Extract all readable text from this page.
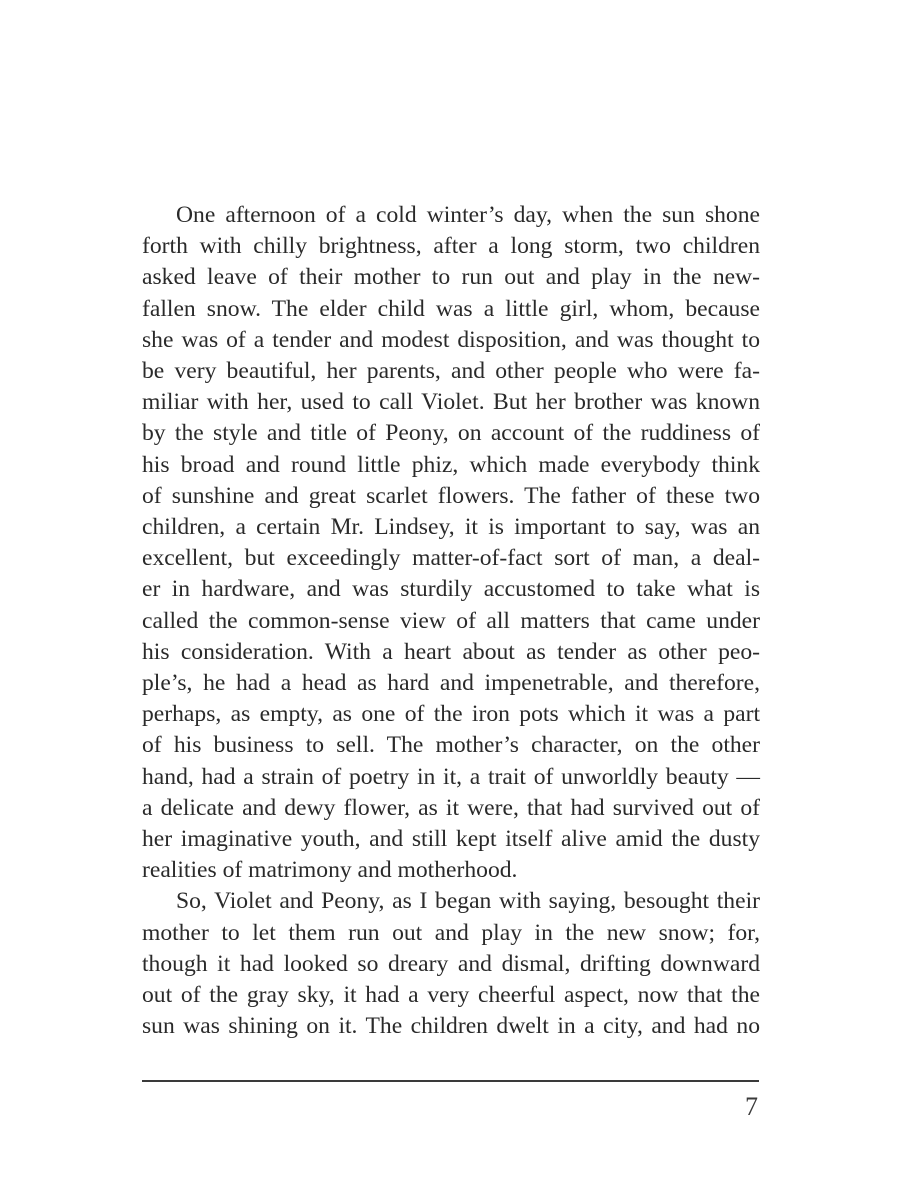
One afternoon of a cold winter’s day, when the sun shone
forth with chilly brightness, after a long storm, two children
asked leave of their mother to run out and play in the new-
fallen snow. The elder child was a little girl, whom, because
she was of a tender and modest disposition, and was thought to
be very beautiful, her parents, and other people who were fa-
miliar with her, used to call Violet. But her brother was known
by the style and title of Peony, on account of the ruddiness of
his broad and round little phiz, which made everybody think
of sunshine and great scarlet flowers. The father of these two
children, a certain Mr. Lindsey, it is important to say, was an
excellent, but exceedingly matter-of-fact sort of man, a deal-
er in hardware, and was sturdily accustomed to take what is
called the common-sense view of all matters that came under
his consideration. With a heart about as tender as other peo-
ple’s, he had a head as hard and impenetrable, and therefore,
perhaps, as empty, as one of the iron pots which it was a part
of his business to sell. The mother’s character, on the other
hand, had a strain of poetry in it, a trait of unworldly beauty —
a delicate and dewy flower, as it were, that had survived out of
her imaginative youth, and still kept itself alive amid the dusty
realities of matrimony and motherhood.
So, Violet and Peony, as I began with saying, besought their
mother to let them run out and play in the new snow; for,
though it had looked so dreary and dismal, drifting downward
out of the gray sky, it had a very cheerful aspect, now that the
sun was shining on it. The children dwelt in a city, and had no
7
